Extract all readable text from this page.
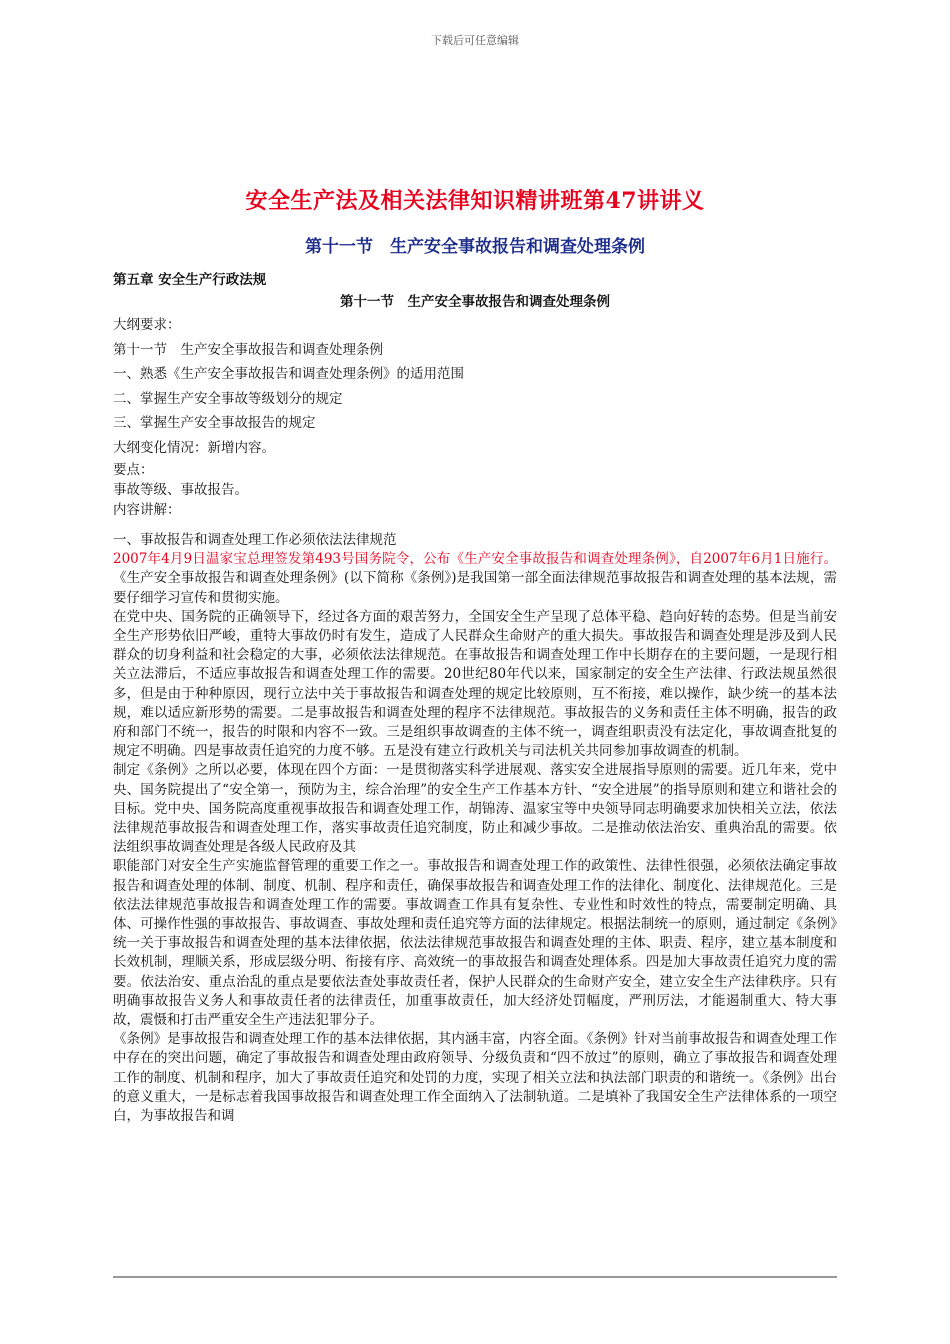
下载后可任意编辑
安全生产法及相关法律知识精讲班第47讲讲义
第十一节　生产安全事故报告和调查处理条例
第五章 安全生产行政法规
第十一节　生产安全事故报告和调查处理条例
大纲要求：
第十一节　生产安全事故报告和调查处理条例
一、熟悉《生产安全事故报告和调查处理条例》的适用范围
二、掌握生产安全事故等级划分的规定
三、掌握生产安全事故报告的规定
大纲变化情况：新增内容。
要点：
事故等级、事故报告。
内容讲解：

一、事故报告和调查处理工作必须依法法律规范

2007年4月9日温家宝总理签发第493号国务院令，公布《生产安全事故报告和调查处理条例》，自2007年6月1日施行。《生产安全事故报告和调查处理条例》(以下简称《条例》)是我国第一部全面法律规范事故报告和调查处理的基本法规，需要仔细学习宣传和贯彻实施。

在党中央、国务院的正确领导下，经过各方面的艰苦努力，全国安全生产呈现了总体平稳、趋向好转的态势。但是当前安全生产形势依旧严峻，重特大事故仍时有发生，造成了人民群众生命财产的重大损失。事故报告和调查处理是涉及到人民群众的切身利益和社会稳定的大事，必须依法法律规范。在事故报告和调查处理工作中长期存在的主要问题，一是现行相关立法滞后，不适应事故报告和调查处理工作的需要。20世纪80年代以来，国家制定的安全生产法律、行政法规虽然很多，但是由于种种原因，现行立法中关于事故报告和调查处理的规定比较原则，互不衔接，难以操作，缺少统一的基本法规，难以适应新形势的需要。二是事故报告和调查处理的程序不法律规范。事故报告的义务和责任主体不明确，报告的政府和部门不统一，报告的时限和内容不一致。三是组织事故调查的主体不统一，调查组职责没有法定化，事故调查批复的规定不明确。四是事故责任追究的力度不够。五是没有建立行政机关与司法机关共同参加事故调查的机制。

制定《条例》之所以必要，体现在四个方面：一是贯彻落实科学进展观、落实安全进展指导原则的需要。近几年来，党中央、国务院提出了“安全第一，预防为主，综合治理”的安全生产工作基本方针、“安全进展”的指导原则和建立和谐社会的目标。党中央、国务院高度重视事故报告和调查处理工作，胡锦涛、温家宝等中央领导同志明确要求加快相关立法，依法法律规范事故报告和调查处理工作，落实事故责任追究制度，防止和减少事故。二是推动依法治安、重典治乱的需要。依法组织事故调查处理是各级人民政府及其

职能部门对安全生产实施监督管理的重要工作之一。事故报告和调查处理工作的政策性、法律性很强，必须依法确定事故报告和调查处理的体制、制度、机制、程序和责任，确保事故报告和调查处理工作的法律化、制度化、法律规范化。三是依法法律规范事故报告和调查处理工作的需要。事故调查工作具有复杂性、专业性和时效性的特点，需要制定明确、具体、可操作性强的事故报告、事故调查、事故处理和责任追究等方面的法律规定。根据法制统一的原则，通过制定《条例》统一关于事故报告和调查处理的基本法律依据，依法法律规范事故报告和调查处理的主体、职责、程序，建立基本制度和长效机制，理顺关系，形成层级分明、衔接有序、高效统一的事故报告和调查处理体系。四是加大事故责任追究力度的需要。依法治安、重点治乱的重点是要依法查处事故责任者，保护人民群众的生命财产安全，建立安全生产法律秩序。只有明确事故报告义务人和事故责任者的法律责任，加重事故责任，加大经济处罚幅度，严刑厉法，才能遏制重大、特大事故，震慑和打击严重安全生产违法犯罪分子。

《条例》是事故报告和调查处理工作的基本法律依据，其内涵丰富，内容全面。《条例》针对当前事故报告和调查处理工作中存在的突出问题，确定了事故报告和调查处理由政府领导、分级负责和“四不放过”的原则，确立了事故报告和调查处理工作的制度、机制和程序，加大了事故责任追究和处罚的力度，实现了相关立法和执法部门职责的和谐统一。《条例》出台的意义重大，一是标志着我国事故报告和调查处理工作全面纳入了法制轨道。二是填补了我国安全生产法律体系的一项空白，为事故报告和调
